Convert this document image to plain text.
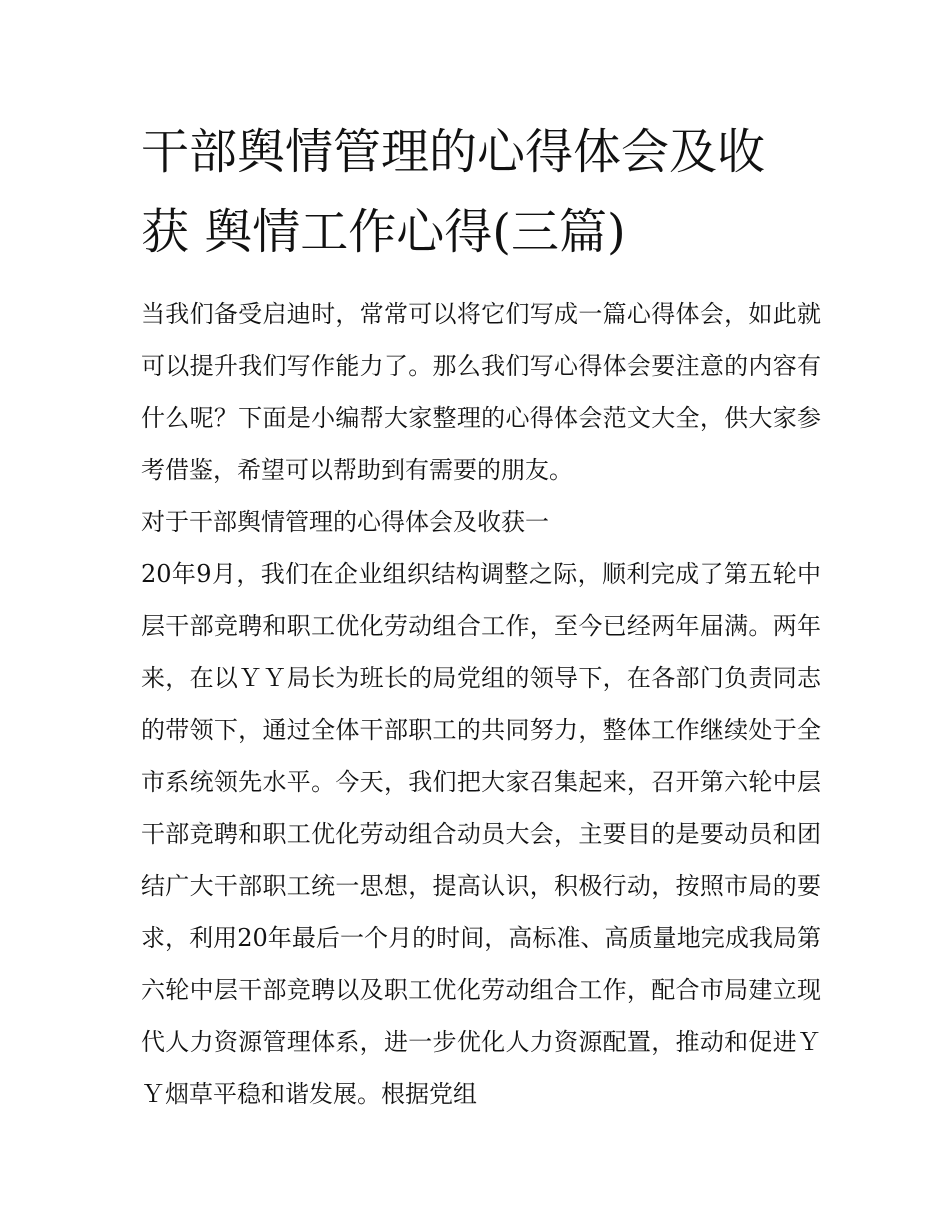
干部舆情管理的心得体会及收获 舆情工作心得(三篇)

当我们备受启迪时，常常可以将它们写成一篇心得体会，如此就可以提升我们写作能力了。那么我们写心得体会要注意的内容有什么呢？下面是小编帮大家整理的心得体会范文大全，供大家参考借鉴，希望可以帮助到有需要的朋友。

对于干部舆情管理的心得体会及收获一

20年9月，我们在企业组织结构调整之际，顺利完成了第五轮中层干部竞聘和职工优化劳动组合工作，至今已经两年届满。两年来，在以ＹＹ局长为班长的局党组的领导下，在各部门负责同志的带领下，通过全体干部职工的共同努力，整体工作继续处于全市系统领先水平。今天，我们把大家召集起来，召开第六轮中层干部竞聘和职工优化劳动组合动员大会，主要目的是要动员和团结广大干部职工统一思想，提高认识，积极行动，按照市局的要求，利用20年最后一个月的时间，高标准、高质量地完成我局第六轮中层干部竞聘以及职工优化劳动组合工作，配合市局建立现代人力资源管理体系，进一步优化人力资源配置，推动和促进ＹＹ烟草平稳和谐发展。根据党组
